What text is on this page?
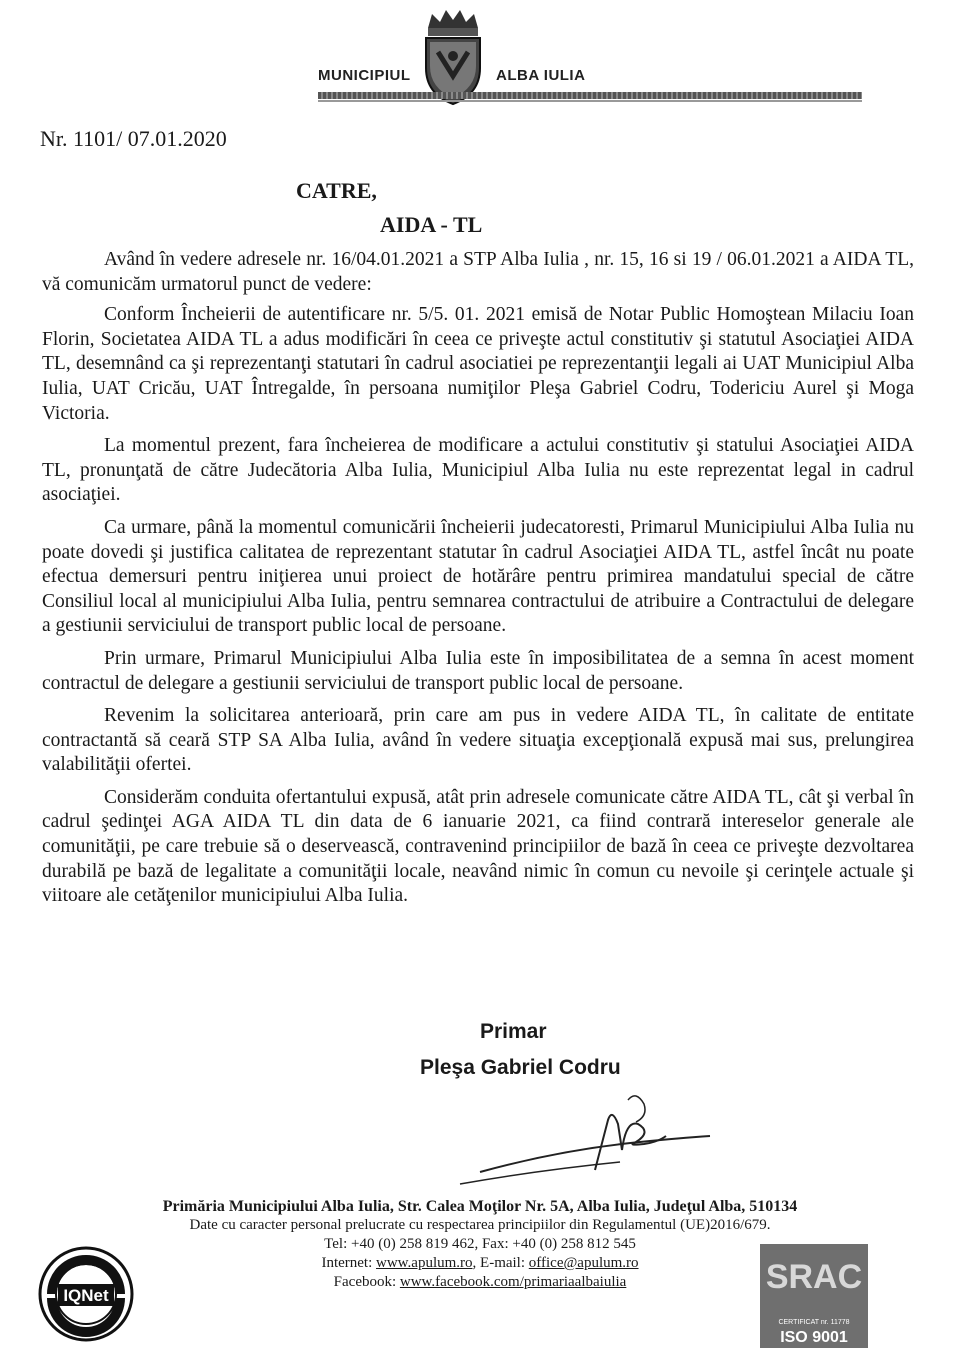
MUNICIPIUL	ALBA IULIA
Nr. 1101/ 07.01.2020
CATRE,
AIDA - TL

Având în vedere adresele nr. 16/04.01.2021 a STP Alba Iulia , nr. 15, 16 si 19 / 06.01.2021 a AIDA TL, vă comunicăm urmatorul punct de vedere:

Conform Încheierii de autentificare nr. 5/5. 01. 2021 emisă de Notar Public Homoştean Milaciu Ioan Florin, Societatea AIDA TL a adus modificări în ceea ce priveşte actul constitutiv şi statutul Asociaţiei AIDA TL, desemnând ca şi reprezentanţi statutari în cadrul asociatiei pe reprezentanţii legali ai UAT Municipiul Alba Iulia, UAT Cricău, UAT Întregalde, în persoana numiţilor Pleşa Gabriel Codru, Todericiu Aurel şi Moga Victoria.

La momentul prezent, fara încheierea de modificare a actului constitutiv şi statului Asociaţiei AIDA TL, pronunţată de către Judecătoria Alba Iulia, Municipiul Alba Iulia nu este reprezentat legal in cadrul asociaţiei.

Ca urmare, până la momentul comunicării încheierii judecatoresti, Primarul Municipiului Alba Iulia nu poate dovedi şi justifica calitatea de reprezentant statutar în cadrul Asociaţiei AIDA TL, astfel încât nu poate efectua demersuri pentru iniţierea unui proiect de hotărâre pentru primirea mandatului special de către Consiliul local al municipiului Alba Iulia, pentru semnarea contractului de atribuire a Contractului de delegare a gestiunii serviciului de transport public local de persoane.

Prin urmare, Primarul Municipiului Alba Iulia este în imposibilitatea de a semna în acest moment contractul de delegare a gestiunii serviciului de transport public local de persoane.

Revenim la solicitarea anterioară, prin care am pus in vedere AIDA TL, în calitate de entitate contractantă să ceară STP SA Alba Iulia, având în vedere situaţia excepţională expusă mai sus, prelungirea valabilităţii ofertei.

Considerăm conduita ofertantului expusă, atât prin adresele comunicate către AIDA TL, cât şi verbal în cadrul şedinţei AGA AIDA TL din data de 6 ianuarie 2021, ca fiind contrară intereselor generale ale comunităţii, pe care trebuie să o deservească, contravenind principiilor de bază în ceea ce priveşte dezvoltarea durabilă pe bază de legalitate a comunităţii locale, neavând nimic în comun cu nevoile şi cerinţele actuale şi viitoare ale cetăţenilor municipiului Alba Iulia.

Primar
Pleşa Gabriel Codru
Primăria Municipiului Alba Iulia, Str. Calea Moţilor Nr. 5A, Alba Iulia, Judeţul Alba, 510134
Date cu caracter personal prelucrate cu respectarea principiilor din Regulamentul (UE)2016/679.
Tel: +40 (0) 258 819 462, Fax: +40 (0) 258 812 545
Internet: www.apulum.ro, E-mail: office@apulum.ro
Facebook: www.facebook.com/primariaalbaiulia
IQNet	SRAC
CERTIFICAT nr. 11778
ISO 9001
